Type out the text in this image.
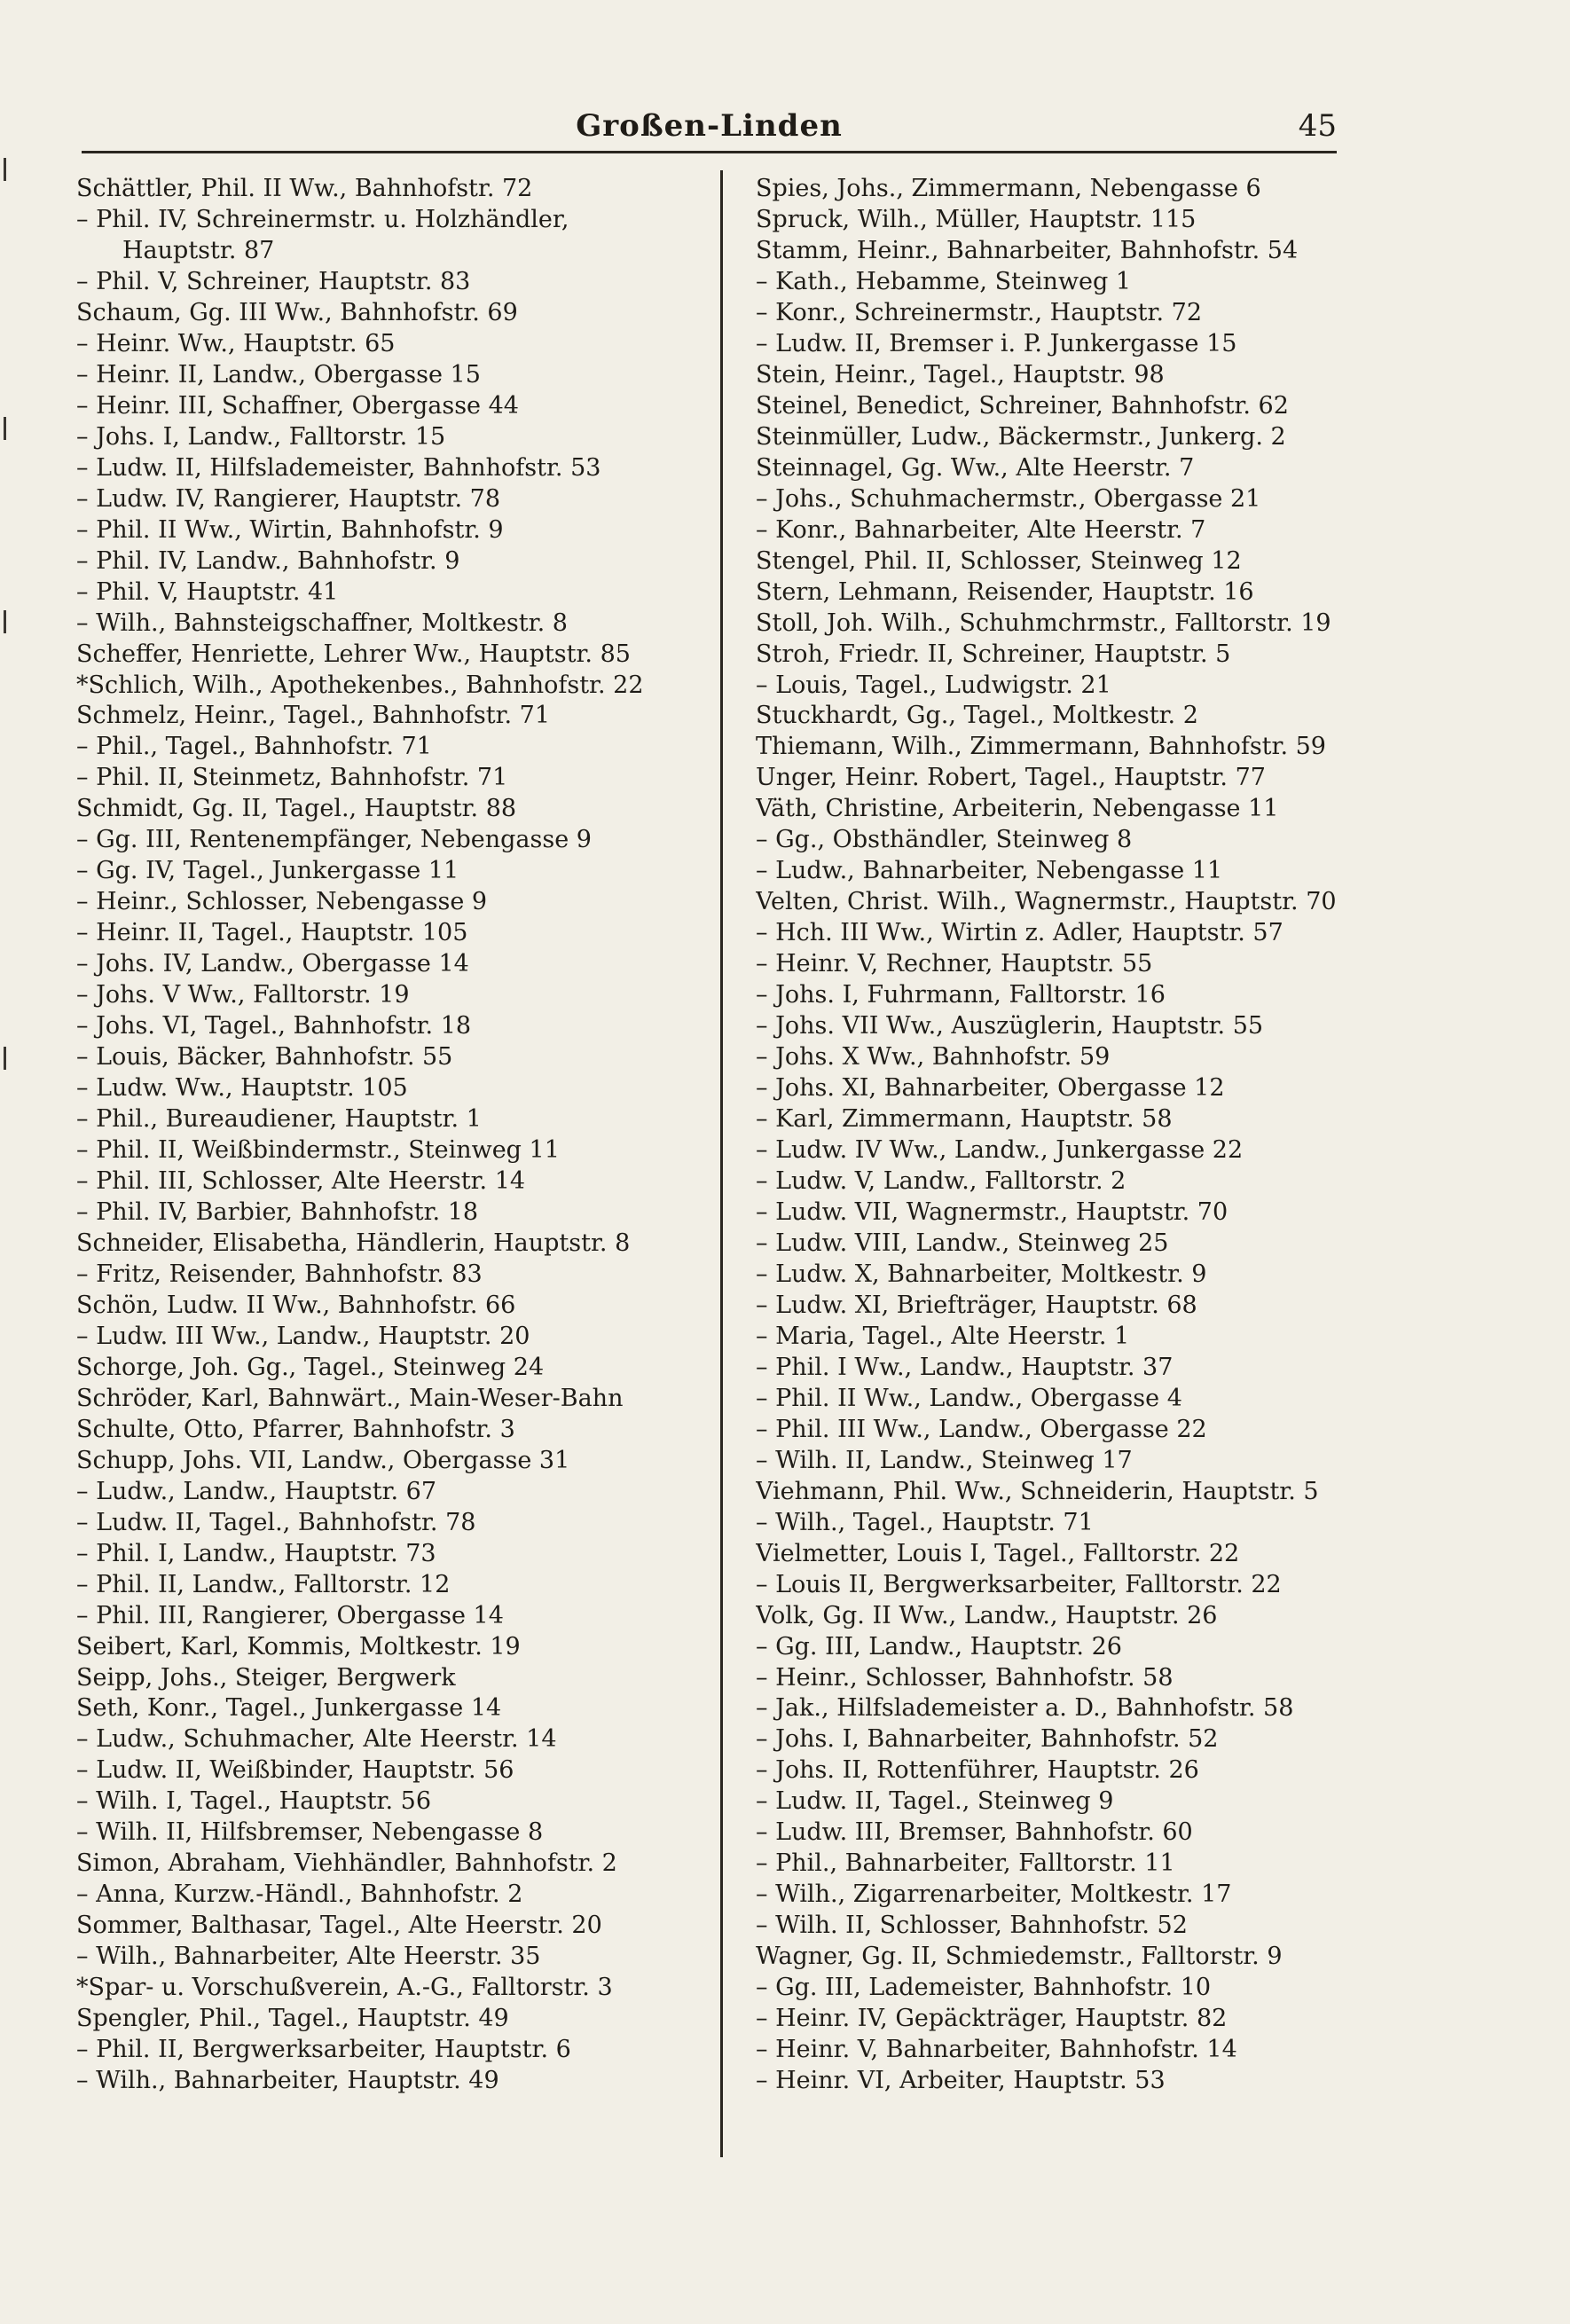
Großen-Linden	45
Schättler, Phil. II Ww., Bahnhofstr. 72
– Phil. IV, Schreinermstr. u. Holzhändler,
Hauptstr. 87
– Phil. V, Schreiner, Hauptstr. 83
Schaum, Gg. III Ww., Bahnhofstr. 69
– Heinr. Ww., Hauptstr. 65
– Heinr. II, Landw., Obergasse 15
– Heinr. III, Schaffner, Obergasse 44
– Johs. I, Landw., Falltorstr. 15
– Ludw. II, Hilfslademeister, Bahnhofstr. 53
– Ludw. IV, Rangierer, Hauptstr. 78
– Phil. II Ww., Wirtin, Bahnhofstr. 9
– Phil. IV, Landw., Bahnhofstr. 9
– Phil. V, Hauptstr. 41
– Wilh., Bahnsteigschaffner, Moltkestr. 8
Scheffer, Henriette, Lehrer Ww., Hauptstr. 85
*Schlich, Wilh., Apothekenbes., Bahnhofstr. 22
Schmelz, Heinr., Tagel., Bahnhofstr. 71
– Phil., Tagel., Bahnhofstr. 71
– Phil. II, Steinmetz, Bahnhofstr. 71
Schmidt, Gg. II, Tagel., Hauptstr. 88
– Gg. III, Rentenempfänger, Nebengasse 9
– Gg. IV, Tagel., Junkergasse 11
– Heinr., Schlosser, Nebengasse 9
– Heinr. II, Tagel., Hauptstr. 105
– Johs. IV, Landw., Obergasse 14
– Johs. V Ww., Falltorstr. 19
– Johs. VI, Tagel., Bahnhofstr. 18
– Louis, Bäcker, Bahnhofstr. 55
– Ludw. Ww., Hauptstr. 105
– Phil., Bureaudiener, Hauptstr. 1
– Phil. II, Weißbindermstr., Steinweg 11
– Phil. III, Schlosser, Alte Heerstr. 14
– Phil. IV, Barbier, Bahnhofstr. 18
Schneider, Elisabetha, Händlerin, Hauptstr. 8
– Fritz, Reisender, Bahnhofstr. 83
Schön, Ludw. II Ww., Bahnhofstr. 66
– Ludw. III Ww., Landw., Hauptstr. 20
Schorge, Joh. Gg., Tagel., Steinweg 24
Schröder, Karl, Bahnwärt., Main-Weser-Bahn
Schulte, Otto, Pfarrer, Bahnhofstr. 3
Schupp, Johs. VII, Landw., Obergasse 31
– Ludw., Landw., Hauptstr. 67
– Ludw. II, Tagel., Bahnhofstr. 78
– Phil. I, Landw., Hauptstr. 73
– Phil. II, Landw., Falltorstr. 12
– Phil. III, Rangierer, Obergasse 14
Seibert, Karl, Kommis, Moltkestr. 19
Seipp, Johs., Steiger, Bergwerk
Seth, Konr., Tagel., Junkergasse 14
– Ludw., Schuhmacher, Alte Heerstr. 14
– Ludw. II, Weißbinder, Hauptstr. 56
– Wilh. I, Tagel., Hauptstr. 56
– Wilh. II, Hilfsbremser, Nebengasse 8
Simon, Abraham, Viehhändler, Bahnhofstr. 2
– Anna, Kurzw.-Händl., Bahnhofstr. 2
Sommer, Balthasar, Tagel., Alte Heerstr. 20
– Wilh., Bahnarbeiter, Alte Heerstr. 35
*Spar- u. Vorschußverein, A.-G., Falltorstr. 3
Spengler, Phil., Tagel., Hauptstr. 49
– Phil. II, Bergwerksarbeiter, Hauptstr. 6
– Wilh., Bahnarbeiter, Hauptstr. 49
Spies, Johs., Zimmermann, Nebengasse 6
Spruck, Wilh., Müller, Hauptstr. 115
Stamm, Heinr., Bahnarbeiter, Bahnhofstr. 54
– Kath., Hebamme, Steinweg 1
– Konr., Schreinermstr., Hauptstr. 72
– Ludw. II, Bremser i. P. Junkergasse 15
Stein, Heinr., Tagel., Hauptstr. 98
Steinel, Benedict, Schreiner, Bahnhofstr. 62
Steinmüller, Ludw., Bäckermstr., Junkerg. 2
Steinnagel, Gg. Ww., Alte Heerstr. 7
– Johs., Schuhmachermstr., Obergasse 21
– Konr., Bahnarbeiter, Alte Heerstr. 7
Stengel, Phil. II, Schlosser, Steinweg 12
Stern, Lehmann, Reisender, Hauptstr. 16
Stoll, Joh. Wilh., Schuhmchrmstr., Falltorstr. 19
Stroh, Friedr. II, Schreiner, Hauptstr. 5
– Louis, Tagel., Ludwigstr. 21
Stuckhardt, Gg., Tagel., Moltkestr. 2
Thiemann, Wilh., Zimmermann, Bahnhofstr. 59
Unger, Heinr. Robert, Tagel., Hauptstr. 77
Väth, Christine, Arbeiterin, Nebengasse 11
– Gg., Obsthändler, Steinweg 8
– Ludw., Bahnarbeiter, Nebengasse 11
Velten, Christ. Wilh., Wagnermstr., Hauptstr. 70
– Hch. III Ww., Wirtin z. Adler, Hauptstr. 57
– Heinr. V, Rechner, Hauptstr. 55
– Johs. I, Fuhrmann, Falltorstr. 16
– Johs. VII Ww., Auszüglerin, Hauptstr. 55
– Johs. X Ww., Bahnhofstr. 59
– Johs. XI, Bahnarbeiter, Obergasse 12
– Karl, Zimmermann, Hauptstr. 58
– Ludw. IV Ww., Landw., Junkergasse 22
– Ludw. V, Landw., Falltorstr. 2
– Ludw. VII, Wagnermstr., Hauptstr. 70
– Ludw. VIII, Landw., Steinweg 25
– Ludw. X, Bahnarbeiter, Moltkestr. 9
– Ludw. XI, Briefträger, Hauptstr. 68
– Maria, Tagel., Alte Heerstr. 1
– Phil. I Ww., Landw., Hauptstr. 37
– Phil. II Ww., Landw., Obergasse 4
– Phil. III Ww., Landw., Obergasse 22
– Wilh. II, Landw., Steinweg 17
Viehmann, Phil. Ww., Schneiderin, Hauptstr. 5
– Wilh., Tagel., Hauptstr. 71
Vielmetter, Louis I, Tagel., Falltorstr. 22
– Louis II, Bergwerksarbeiter, Falltorstr. 22
Volk, Gg. II Ww., Landw., Hauptstr. 26
– Gg. III, Landw., Hauptstr. 26
– Heinr., Schlosser, Bahnhofstr. 58
– Jak., Hilfslademeister a. D., Bahnhofstr. 58
– Johs. I, Bahnarbeiter, Bahnhofstr. 52
– Johs. II, Rottenführer, Hauptstr. 26
– Ludw. II, Tagel., Steinweg 9
– Ludw. III, Bremser, Bahnhofstr. 60
– Phil., Bahnarbeiter, Falltorstr. 11
– Wilh., Zigarrenarbeiter, Moltkestr. 17
– Wilh. II, Schlosser, Bahnhofstr. 52
Wagner, Gg. II, Schmiedemstr., Falltorstr. 9
– Gg. III, Lademeister, Bahnhofstr. 10
– Heinr. IV, Gepäckträger, Hauptstr. 82
– Heinr. V, Bahnarbeiter, Bahnhofstr. 14
– Heinr. VI, Arbeiter, Hauptstr. 53
